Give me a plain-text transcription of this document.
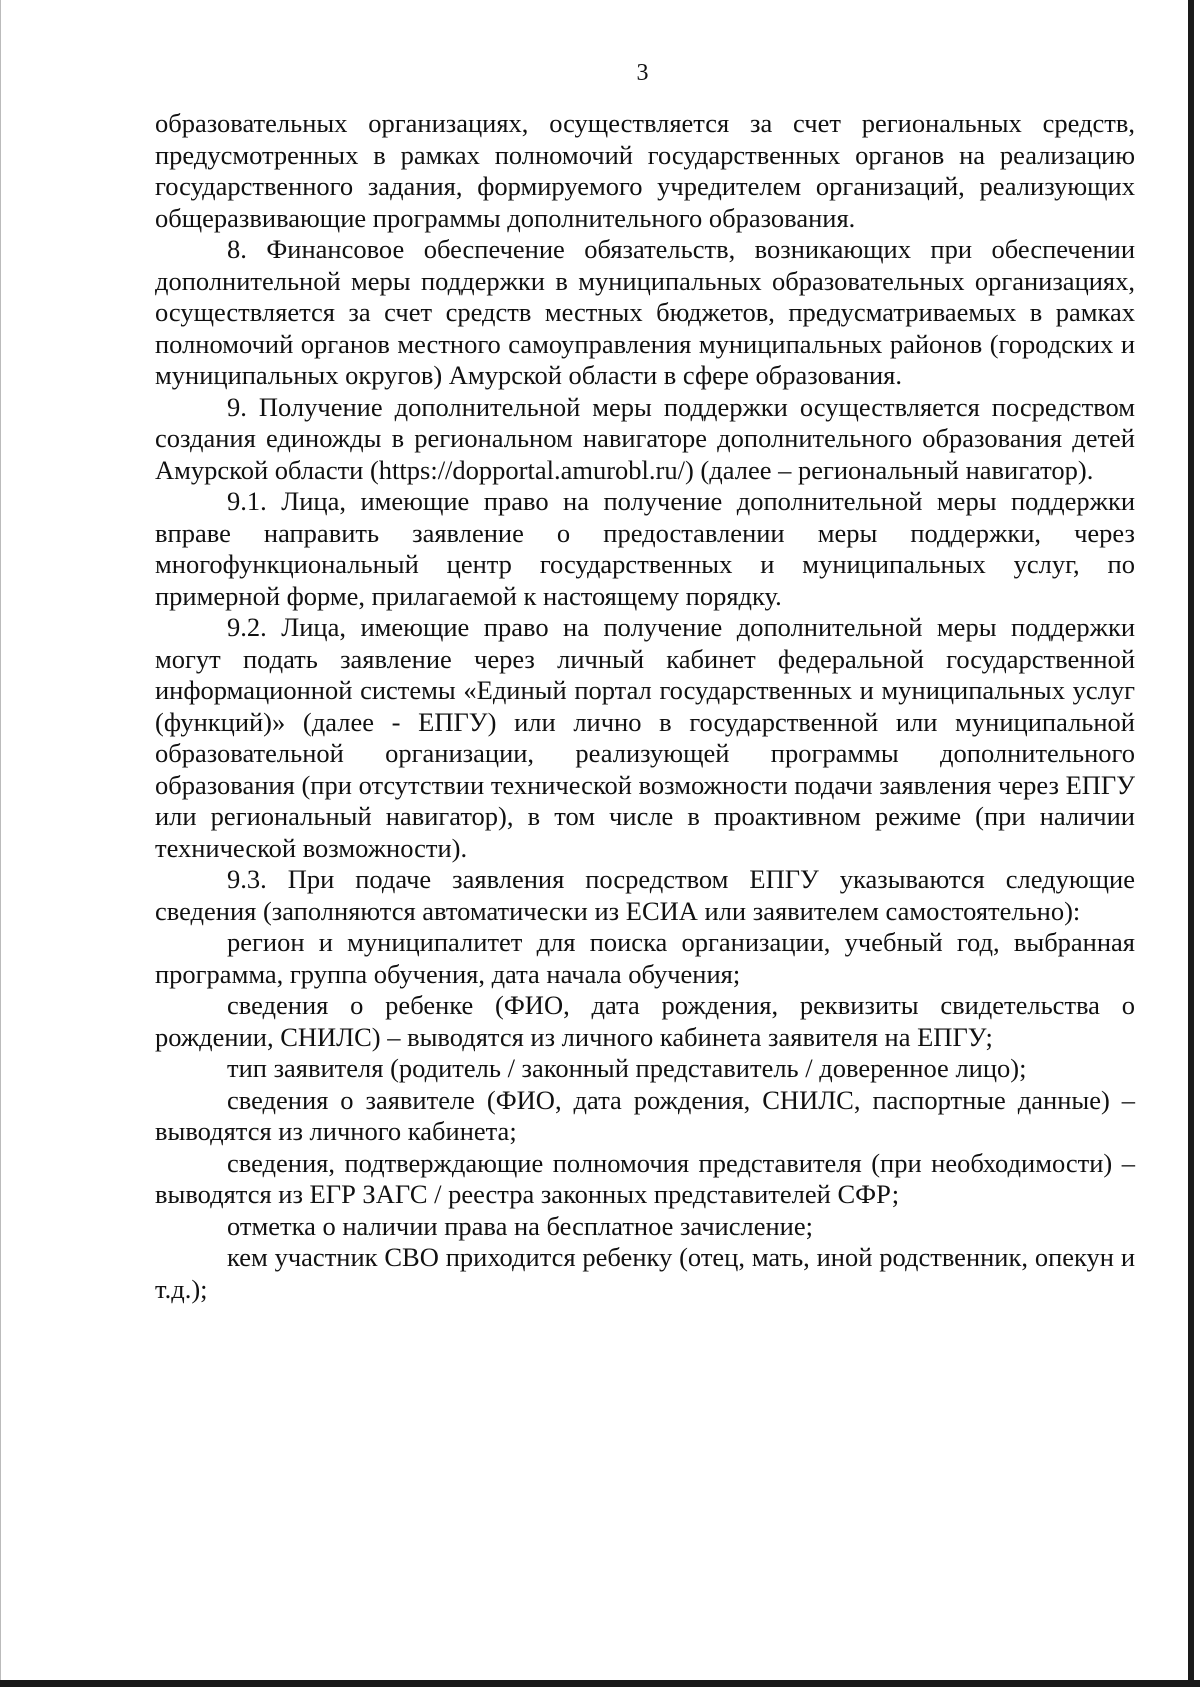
3

образовательных организациях, осуществляется за счет региональных средств, предусмотренных в рамках полномочий государственных органов на реализацию государственного задания, формируемого учредителем организаций, реализующих общеразвивающие программы дополнительного образования.

8. Финансовое обеспечение обязательств, возникающих при обеспечении дополнительной меры поддержки в муниципальных образовательных организациях, осуществляется за счет средств местных бюджетов, предусматриваемых в рамках полномочий органов местного самоуправления муниципальных районов (городских и муниципальных округов) Амурской области в сфере образования.

9. Получение дополнительной меры поддержки осуществляется посредством создания единожды в региональном навигаторе дополнительного образования детей Амурской области (https://dopportal.amurobl.ru/) (далее – региональный навигатор).

9.1. Лица, имеющие право на получение дополнительной меры поддержки вправе направить заявление о предоставлении меры поддержки, через многофункциональный центр государственных и муниципальных услуг, по примерной форме, прилагаемой к настоящему порядку.

9.2. Лица, имеющие право на получение дополнительной меры поддержки могут подать заявление через личный кабинет федеральной государственной информационной системы «Единый портал государственных и муниципальных услуг (функций)» (далее - ЕПГУ) или лично в государственной или муниципальной образовательной организации, реализующей программы дополнительного образования (при отсутствии технической возможности подачи заявления через ЕПГУ или региональный навигатор), в том числе в проактивном режиме (при наличии технической возможности).

9.3. При подаче заявления посредством ЕПГУ указываются следующие сведения (заполняются автоматически из ЕСИА или заявителем самостоятельно):

регион и муниципалитет для поиска организации, учебный год, выбранная программа, группа обучения, дата начала обучения;

сведения о ребенке (ФИО, дата рождения, реквизиты свидетельства о рождении, СНИЛС) – выводятся из личного кабинета заявителя на ЕПГУ;

тип заявителя (родитель / законный представитель / доверенное лицо);

сведения о заявителе (ФИО, дата рождения, СНИЛС, паспортные данные) – выводятся из личного кабинета;

сведения, подтверждающие полномочия представителя (при необходимости) – выводятся из ЕГР ЗАГС / реестра законных представителей СФР;

отметка о наличии права на бесплатное зачисление;

кем участник СВО приходится ребенку (отец, мать, иной родственник, опекун и т.д.);
